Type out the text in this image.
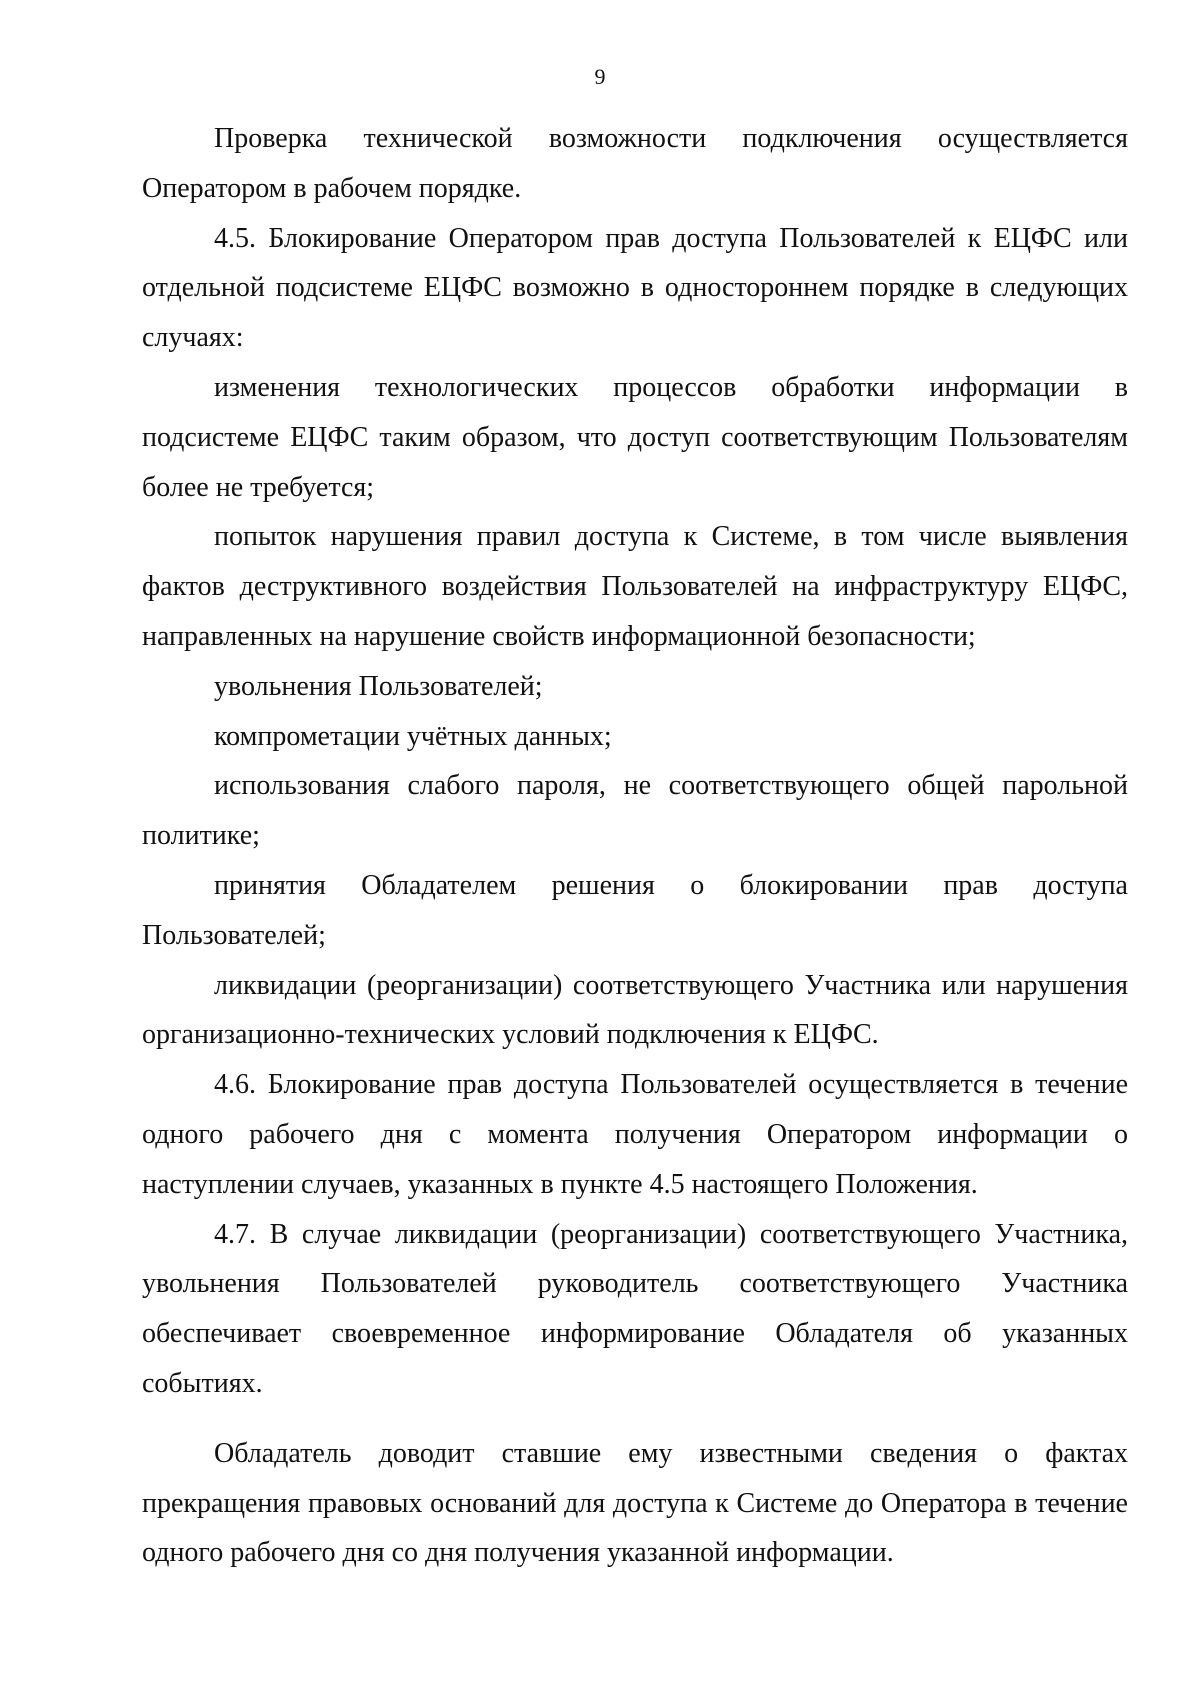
9

Проверка технической возможности подключения осуществляется Оператором в рабочем порядке.

4.5. Блокирование Оператором прав доступа Пользователей к ЕЦФС или отдельной подсистеме ЕЦФС возможно в одностороннем порядке в следующих случаях:

изменения технологических процессов обработки информации в подсистеме ЕЦФС таким образом, что доступ соответствующим Пользователям более не требуется;

попыток нарушения правил доступа к Системе, в том числе выявления фактов деструктивного воздействия Пользователей на инфраструктуру ЕЦФС, направленных на нарушение свойств информационной безопасности;

увольнения Пользователей;

компрометации учётных данных;

использования слабого пароля, не соответствующего общей парольной политике;

принятия Обладателем решения о блокировании прав доступа Пользователей;

ликвидации (реорганизации) соответствующего Участника или нарушения организационно-технических условий подключения к ЕЦФС.

4.6. Блокирование прав доступа Пользователей осуществляется в течение одного рабочего дня с момента получения Оператором информации о наступлении случаев, указанных в пункте 4.5 настоящего Положения.

4.7. В случае ликвидации (реорганизации) соответствующего Участника, увольнения Пользователей руководитель соответствующего Участника обеспечивает своевременное информирование Обладателя об указанных событиях.

Обладатель доводит ставшие ему известными сведения о фактах прекращения правовых оснований для доступа к Системе до Оператора в течение одного рабочего дня со дня получения указанной информации.
